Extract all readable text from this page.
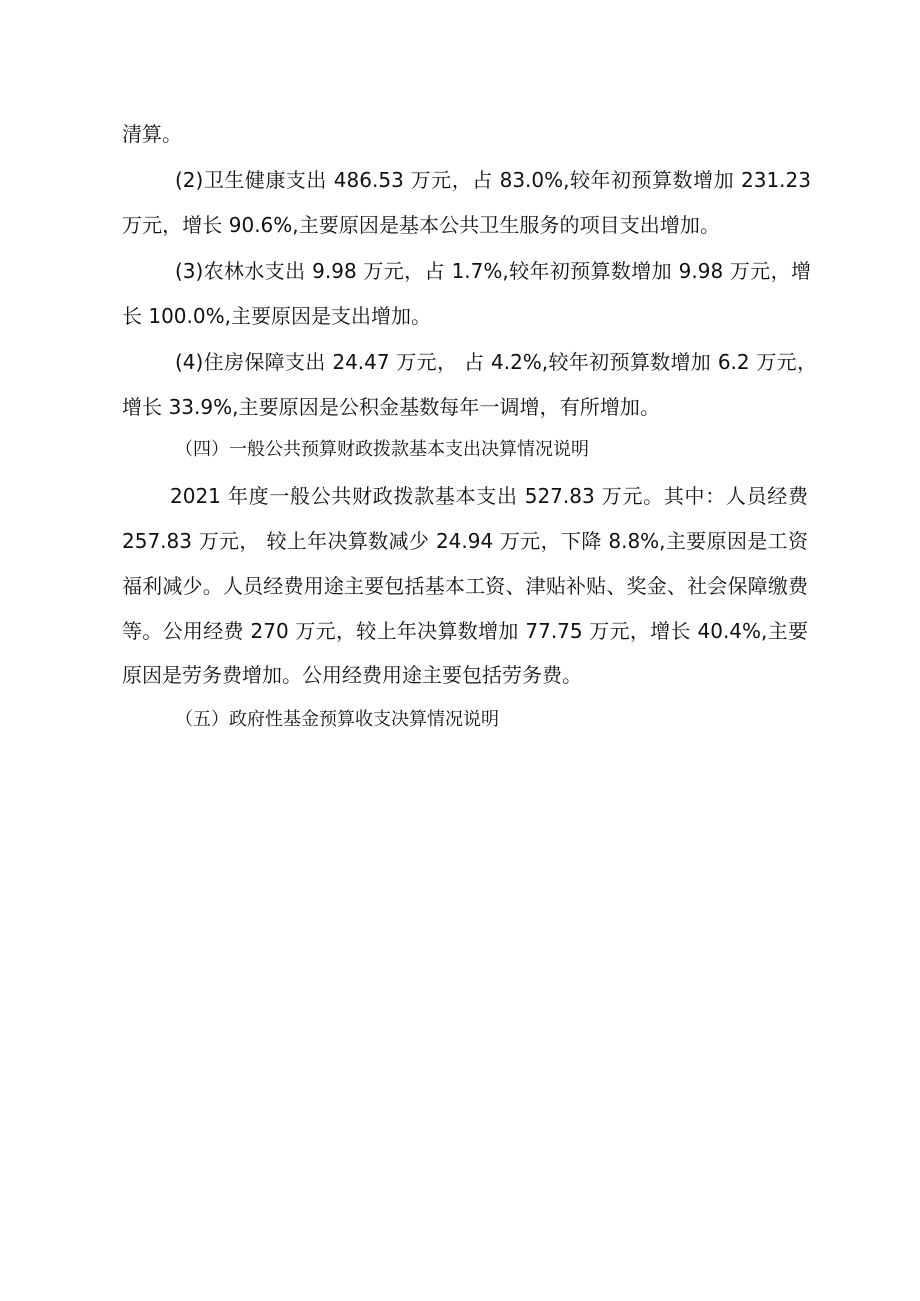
清算。
(2)卫生健康支出 486.53 万元，占 83.0%,较年初预算数增加 231.23
万元，增长 90.6%,主要原因是基本公共卫生服务的项目支出增加。
(3)农林水支出 9.98 万元，占 1.7%,较年初预算数增加 9.98 万元，增
长 100.0%,主要原因是支出增加。
(4)住房保障支出 24.47 万元， 占 4.2%,较年初预算数增加 6.2 万元，
增长 33.9%,主要原因是公积金基数每年一调增，有所增加。
（四）一般公共预算财政拨款基本支出决算情况说明
2021 年度一般公共财政拨款基本支出 527.83 万元。其中：人员经费
257.83 万元， 较上年决算数减少 24.94 万元，下降 8.8%,主要原因是工资
福利减少。人员经费用途主要包括基本工资、津贴补贴、奖金、社会保障缴费
等。公用经费 270 万元，较上年决算数增加 77.75 万元，增长 40.4%,主要
原因是劳务费增加。公用经费用途主要包括劳务费。
（五）政府性基金预算收支决算情况说明
